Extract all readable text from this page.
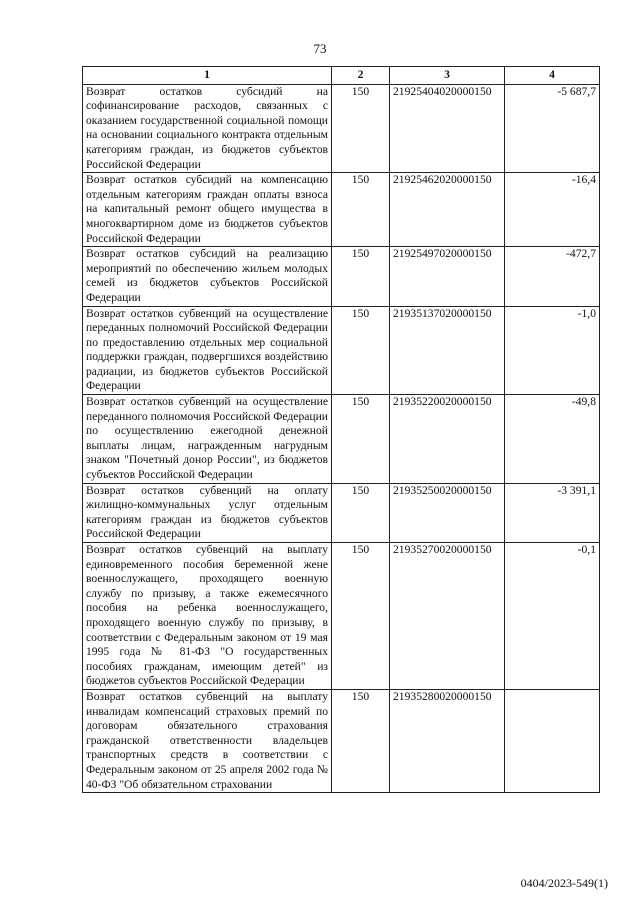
73
1	2	3	4
Возврат остатков субсидий на софинансирование расходов, связанных с оказанием государственной социальной помощи на основании социального контракта отдельным категориям граждан, из бюджетов субъектов Российской Федерации	150	21925404020000150	-5 687,7
Возврат остатков субсидий на компенсацию отдельным категориям граждан оплаты взноса на капитальный ремонт общего имущества в многоквартирном доме из бюджетов субъектов Российской Федерации	150	21925462020000150	-16,4
Возврат остатков субсидий на реализацию мероприятий по обеспечению жильем молодых семей из бюджетов субъектов Российской Федерации	150	21925497020000150	-472,7
Возврат остатков субвенций на осуществление переданных полномочий Российской Федерации по предоставлению отдельных мер социальной поддержки граждан, подвергшихся воздействию радиации, из бюджетов субъектов Российской Федерации	150	21935137020000150	-1,0
Возврат остатков субвенций на осуществление переданного полномочия Российской Федерации по осуществлению ежегодной денежной выплаты лицам, награжденным нагрудным знаком "Почетный донор России", из бюджетов субъектов Российской Федерации	150	21935220020000150	-49,8
Возврат остатков субвенций на оплату жилищно-коммунальных услуг отдельным категориям граждан из бюджетов субъектов Российской Федерации	150	21935250020000150	-3 391,1
Возврат остатков субвенций на выплату единовременного пособия беременной жене военнослужащего, проходящего военную службу по призыву, а также ежемесячного пособия на ребенка военнослужащего, проходящего военную службу по призыву, в соответствии с Федеральным законом от 19 мая 1995 года № 81-ФЗ "О государственных пособиях гражданам, имеющим детей" из бюджетов субъектов Российской Федерации	150	21935270020000150	-0,1
Возврат остатков субвенций на выплату инвалидам компенсаций страховых премий по договорам обязательного страхования гражданской ответственности владельцев транспортных средств в соответствии с Федеральным законом от 25 апреля 2002 года № 40-ФЗ "Об обязательном страховании	150	21935280020000150	
0404/2023-549(1)
